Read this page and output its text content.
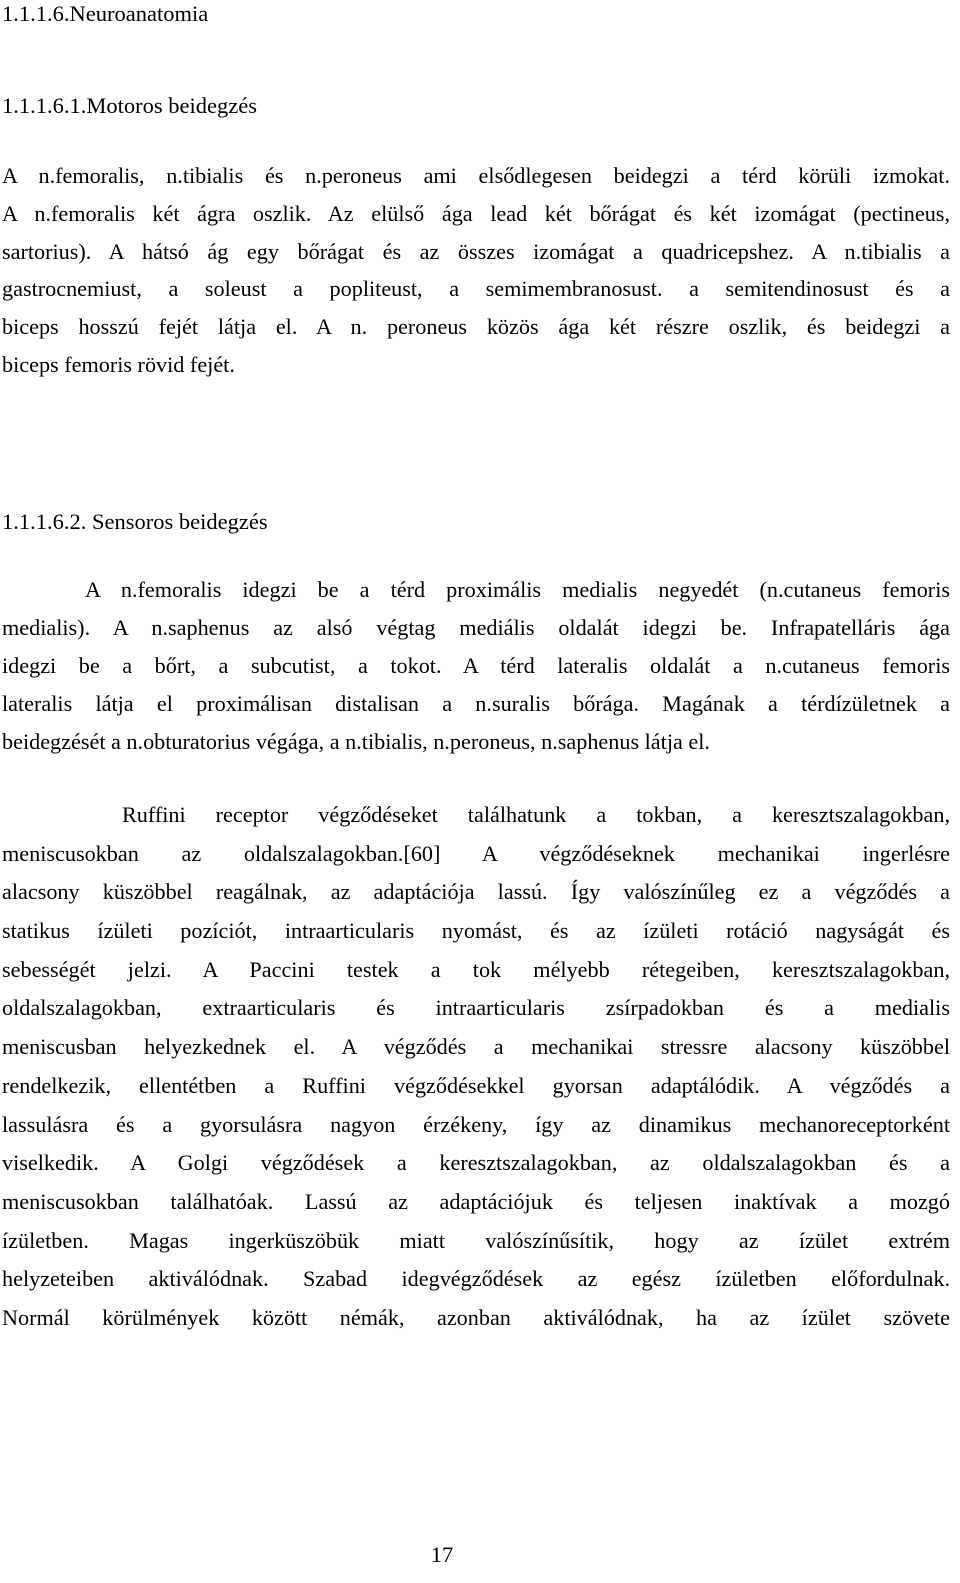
1.1.1.6.Neuroanatomia
1.1.1.6.1.Motoros beidegzés

A n.femoralis, n.tibialis és n.peroneus ami elsődlegesen beidegzi a térd körüli izmokat.
A n.femoralis két ágra oszlik. Az elülső ága lead két bőrágat és két izomágat (pectineus,
sartorius). A hátsó ág egy bőrágat és az összes izomágat a quadricepshez. A n.tibialis a
gastrocnemiust, a soleust a popliteust, a semimembranosust. a semitendinosust és a
biceps hosszú fejét látja el. A n. peroneus közös ága két részre oszlik, és beidegzi a
biceps femoris rövid fejét.

1.1.1.6.2. Sensoros beidegzés

A n.femoralis idegzi be a térd proximális medialis negyedét (n.cutaneus femoris
medialis). A n.saphenus az alsó végtag mediális oldalát idegzi be. Infrapatelláris ága
idegzi be a bőrt, a subcutist, a tokot. A térd lateralis oldalát a n.cutaneus femoris
lateralis látja el proximálisan distalisan a n.suralis bőrága. Magának a térdízületnek a
beidegzését a n.obturatorius végága, a n.tibialis, n.peroneus, n.saphenus látja el.

Ruffini receptor végződéseket találhatunk a tokban, a keresztszalagokban,
meniscusokban az oldalszalagokban.[60] A végződéseknek mechanikai ingerlésre
alacsony küszöbbel reagálnak, az adaptációja lassú. Így valószínűleg ez a végződés a
statikus ízületi pozíciót, intraarticularis nyomást, és az ízületi rotáció nagyságát és
sebességét jelzi. A Paccini testek a tok mélyebb rétegeiben, keresztszalagokban,
oldalszalagokban, extraarticularis és intraarticularis zsírpadokban és a medialis
meniscusban helyezkednek el. A végződés a mechanikai stressre alacsony küszöbbel
rendelkezik, ellentétben a Ruffini végződésekkel gyorsan adaptálódik. A végződés a
lassulásra és a gyorsulásra nagyon érzékeny, így az dinamikus mechanoreceptorként
viselkedik. A Golgi végződések a keresztszalagokban, az oldalszalagokban és a
meniscusokban találhatóak. Lassú az adaptációjuk és teljesen inaktívak a mozgó
ízületben. Magas ingerküszöbük miatt valószínűsítik, hogy az ízület extrém
helyzeteiben aktiválódnak. Szabad idegvégződések az egész ízületben előfordulnak.
Normál körülmények között némák, azonban aktiválódnak, ha az ízület szövete

17
